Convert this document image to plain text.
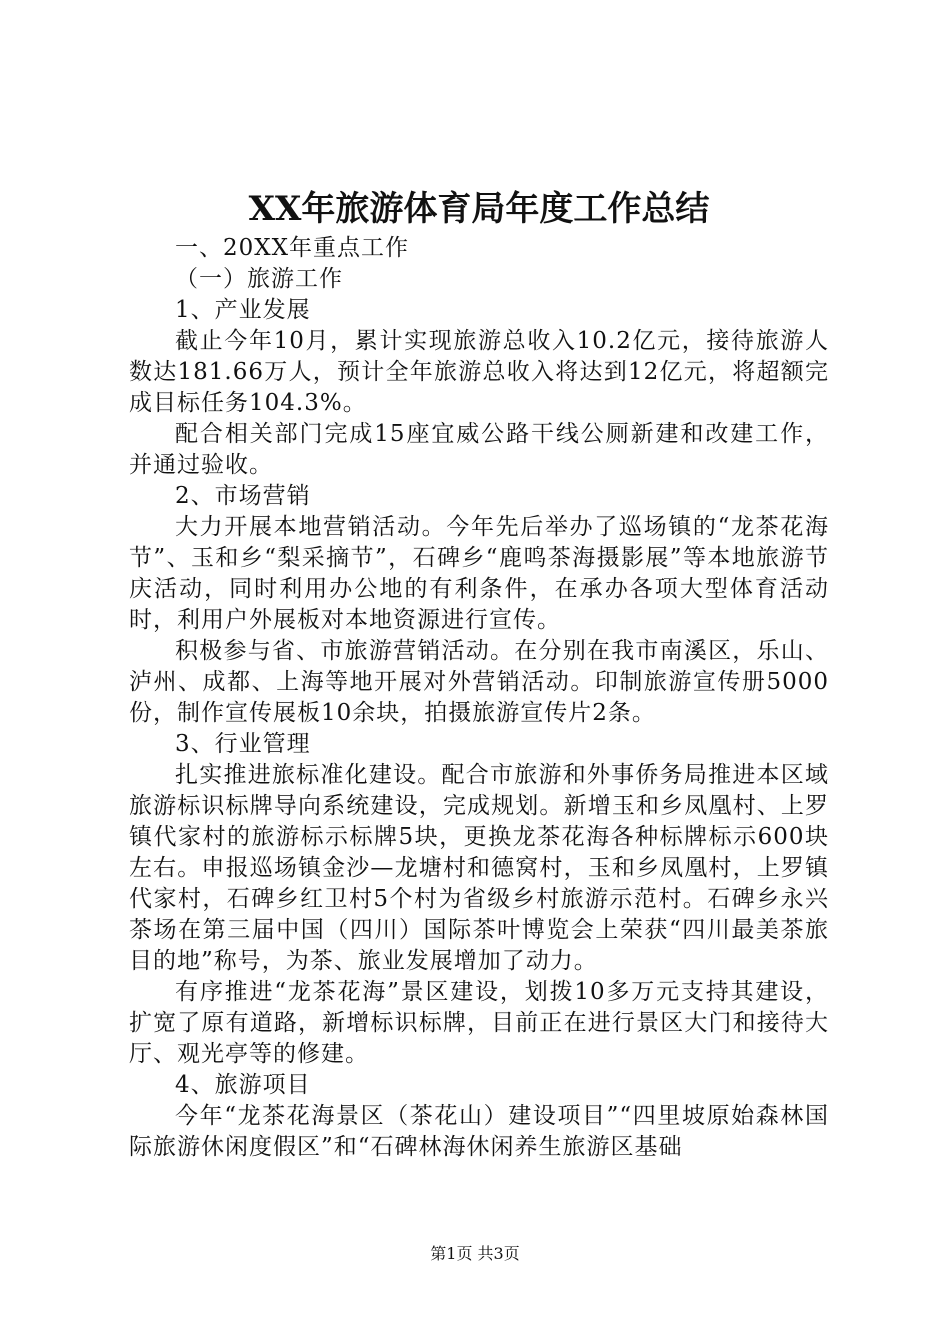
XX年旅游体育局年度工作总结

一、20XX年重点工作

（一）旅游工作

1、产业发展

截止今年10月，累计实现旅游总收入10.2亿元，接待旅游人数达181.66万人，预计全年旅游总收入将达到12亿元，将超额完成目标任务104.3%。

配合相关部门完成15座宜威公路干线公厕新建和改建工作，并通过验收。

2、市场营销

大力开展本地营销活动。今年先后举办了巡场镇的“龙茶花海节”、玉和乡“梨采摘节”，石碑乡“鹿鸣茶海摄影展”等本地旅游节庆活动，同时利用办公地的有利条件，在承办各项大型体育活动时，利用户外展板对本地资源进行宣传。

积极参与省、市旅游营销活动。在分别在我市南溪区，乐山、泸州、成都、上海等地开展对外营销活动。印制旅游宣传册5000份，制作宣传展板10余块，拍摄旅游宣传片2条。

3、行业管理

扎实推进旅标准化建设。配合市旅游和外事侨务局推进本区域旅游标识标牌导向系统建设，完成规划。新增玉和乡凤凰村、上罗镇代家村的旅游标示标牌5块，更换龙茶花海各种标牌标示600块左右。申报巡场镇金沙—龙塘村和德窝村，玉和乡凤凰村，上罗镇代家村，石碑乡红卫村5个村为省级乡村旅游示范村。石碑乡永兴茶场在第三届中国（四川）国际茶叶博览会上荣获“四川最美茶旅目的地”称号，为茶、旅业发展增加了动力。

有序推进“龙茶花海”景区建设，划拨10多万元支持其建设，扩宽了原有道路，新增标识标牌，目前正在进行景区大门和接待大厅、观光亭等的修建。

4、旅游项目

今年“龙茶花海景区（茶花山）建设项目”“四里坡原始森林国际旅游休闲度假区”和“石碑林海休闲养生旅游区基础

第1页 共3页
